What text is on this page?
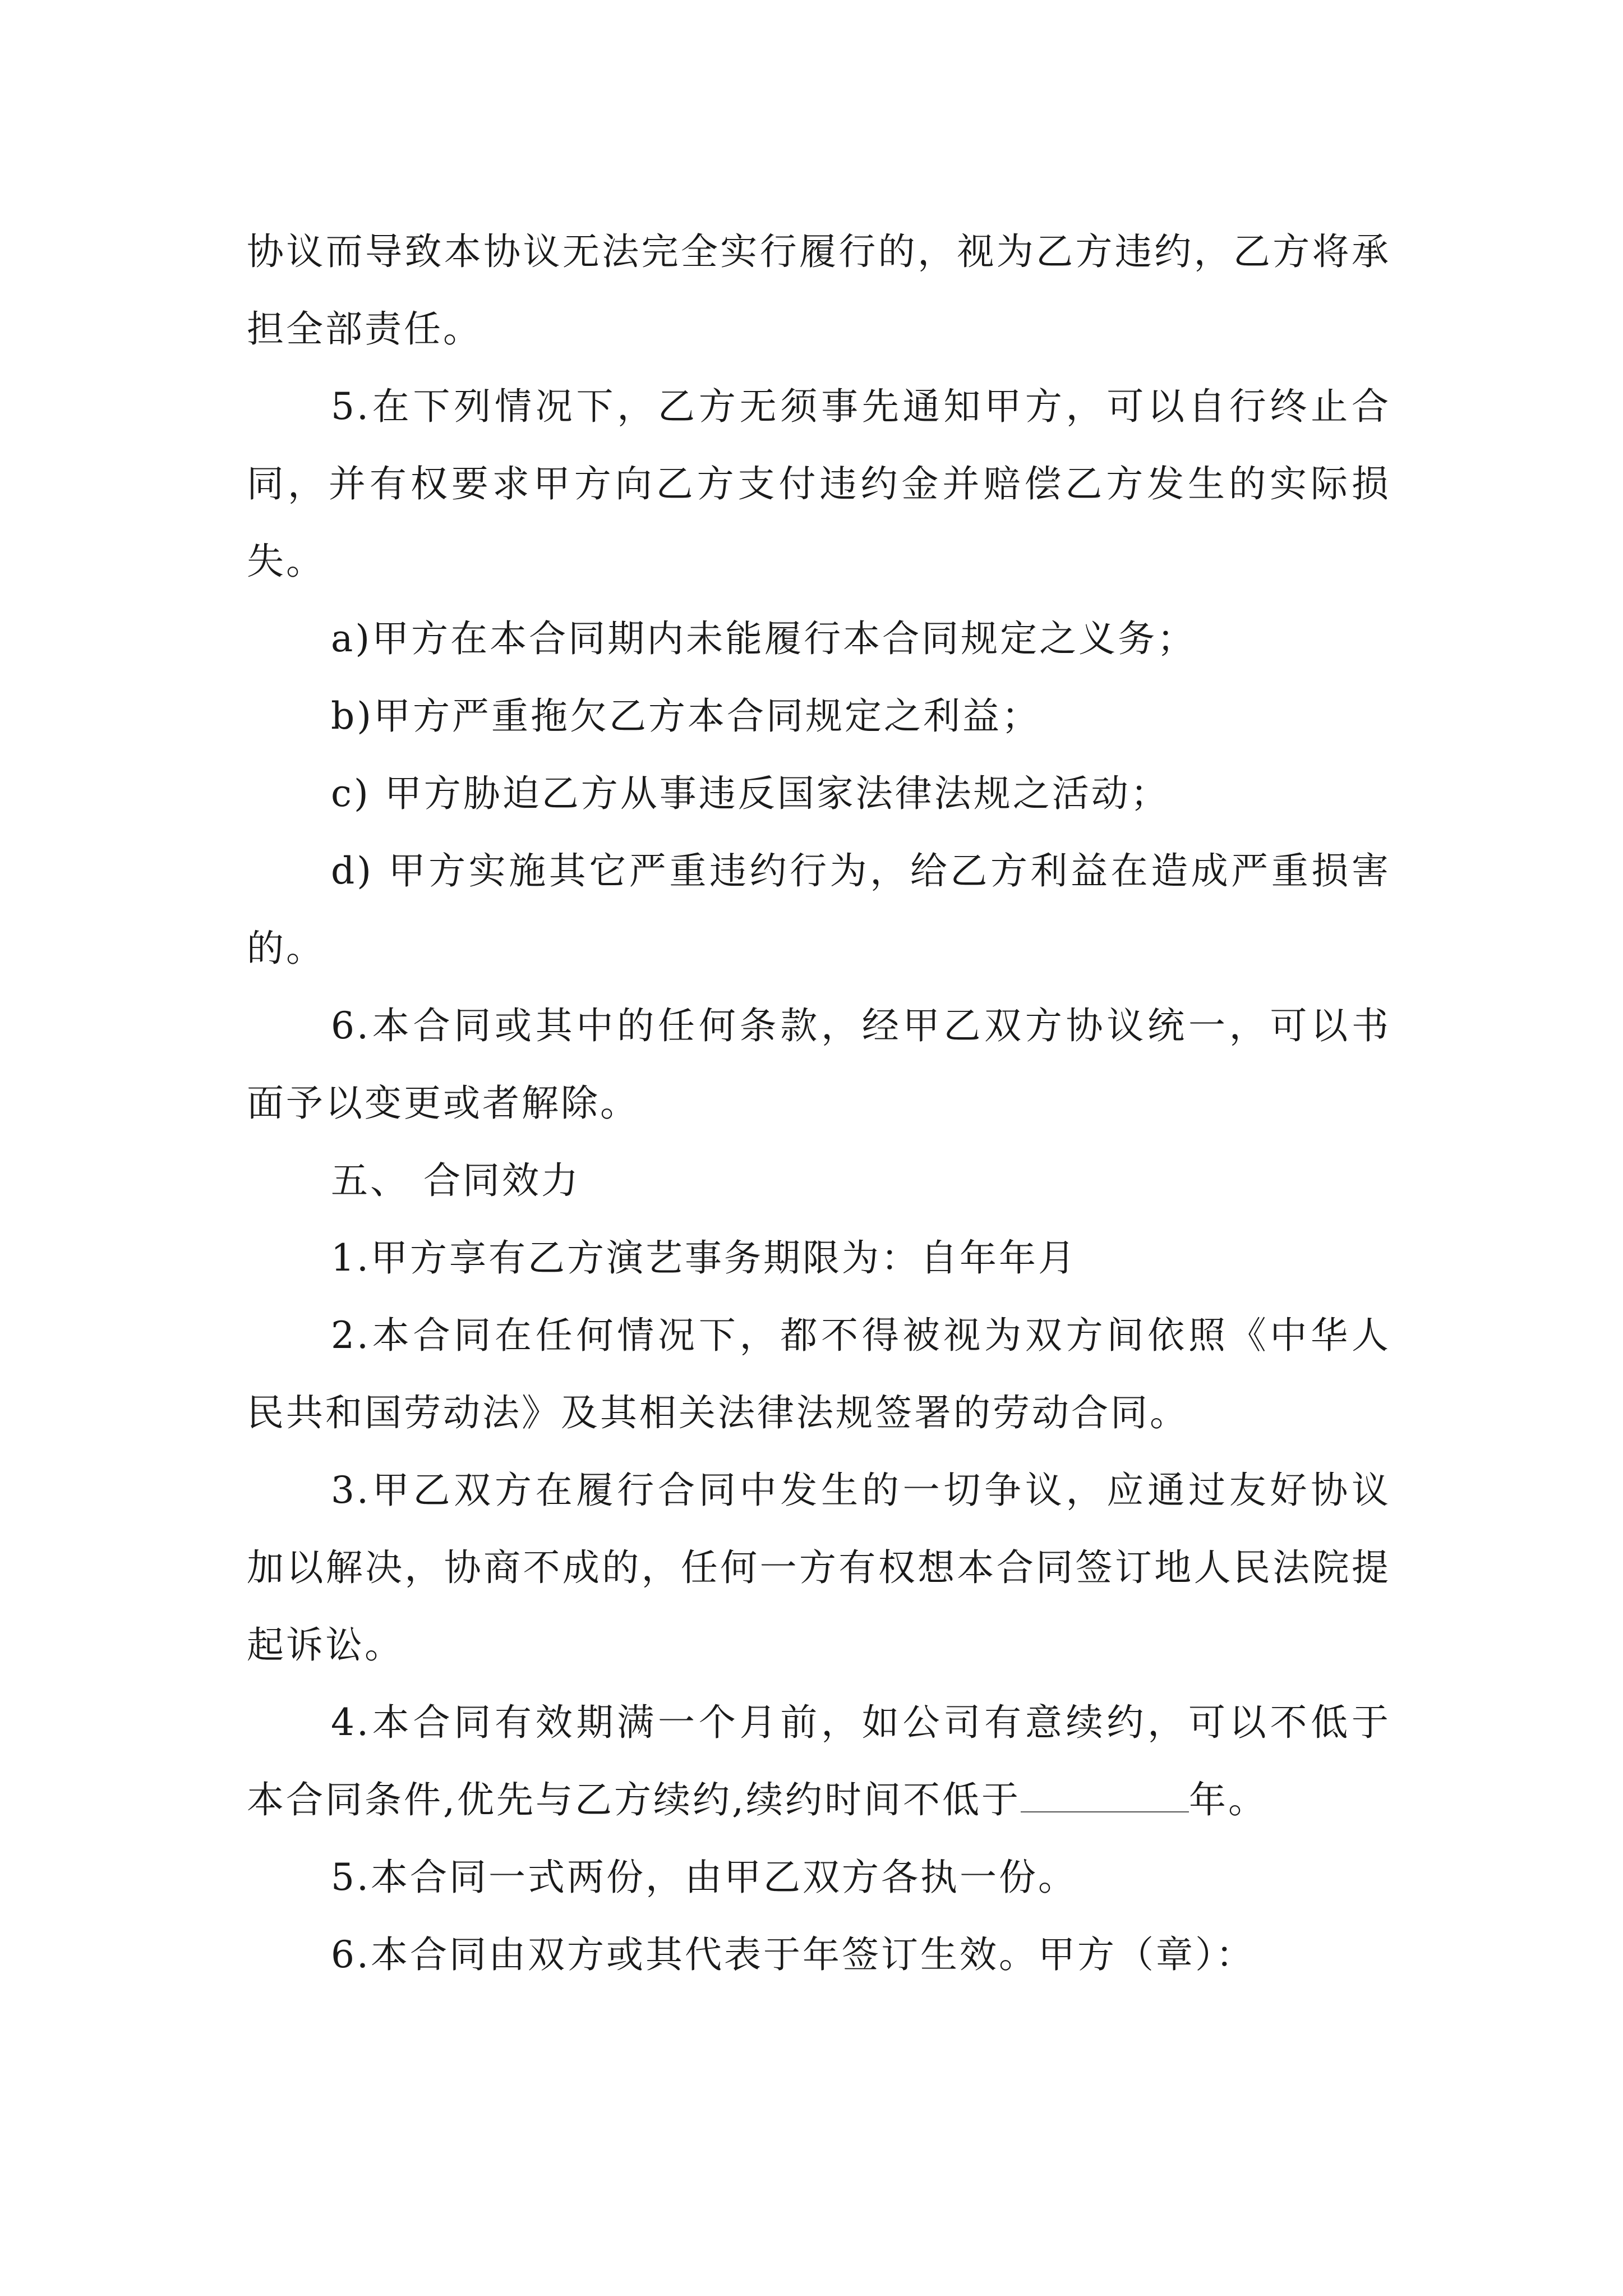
协议而导致本协议无法完全实行履行的，视为乙方违约，乙方将承担全部责任。

5.在下列情况下，乙方无须事先通知甲方，可以自行终止合同，并有权要求甲方向乙方支付违约金并赔偿乙方发生的实际损失。

a)甲方在本合同期内未能履行本合同规定之义务；

b)甲方严重拖欠乙方本合同规定之利益；

c) 甲方胁迫乙方从事违反国家法律法规之活动；

d) 甲方实施其它严重违约行为，给乙方利益在造成严重损害的。

6.本合同或其中的任何条款，经甲乙双方协议统一，可以书面予以变更或者解除。

五、 合同效力

1.甲方享有乙方演艺事务期限为：自年年月

2.本合同在任何情况下，都不得被视为双方间依照《中华人民共和国劳动法》及其相关法律法规签署的劳动合同。

3.甲乙双方在履行合同中发生的一切争议，应通过友好协议加以解决，协商不成的，任何一方有权想本合同签订地人民法院提起诉讼。

4.本合同有效期满一个月前，如公司有意续约，可以不低于本合同条件,优先与乙方续约,续约时间不低于	年。

5.本合同一式两份，由甲乙双方各执一份。

6.本合同由双方或其代表于年签订生效。甲方（章）：
